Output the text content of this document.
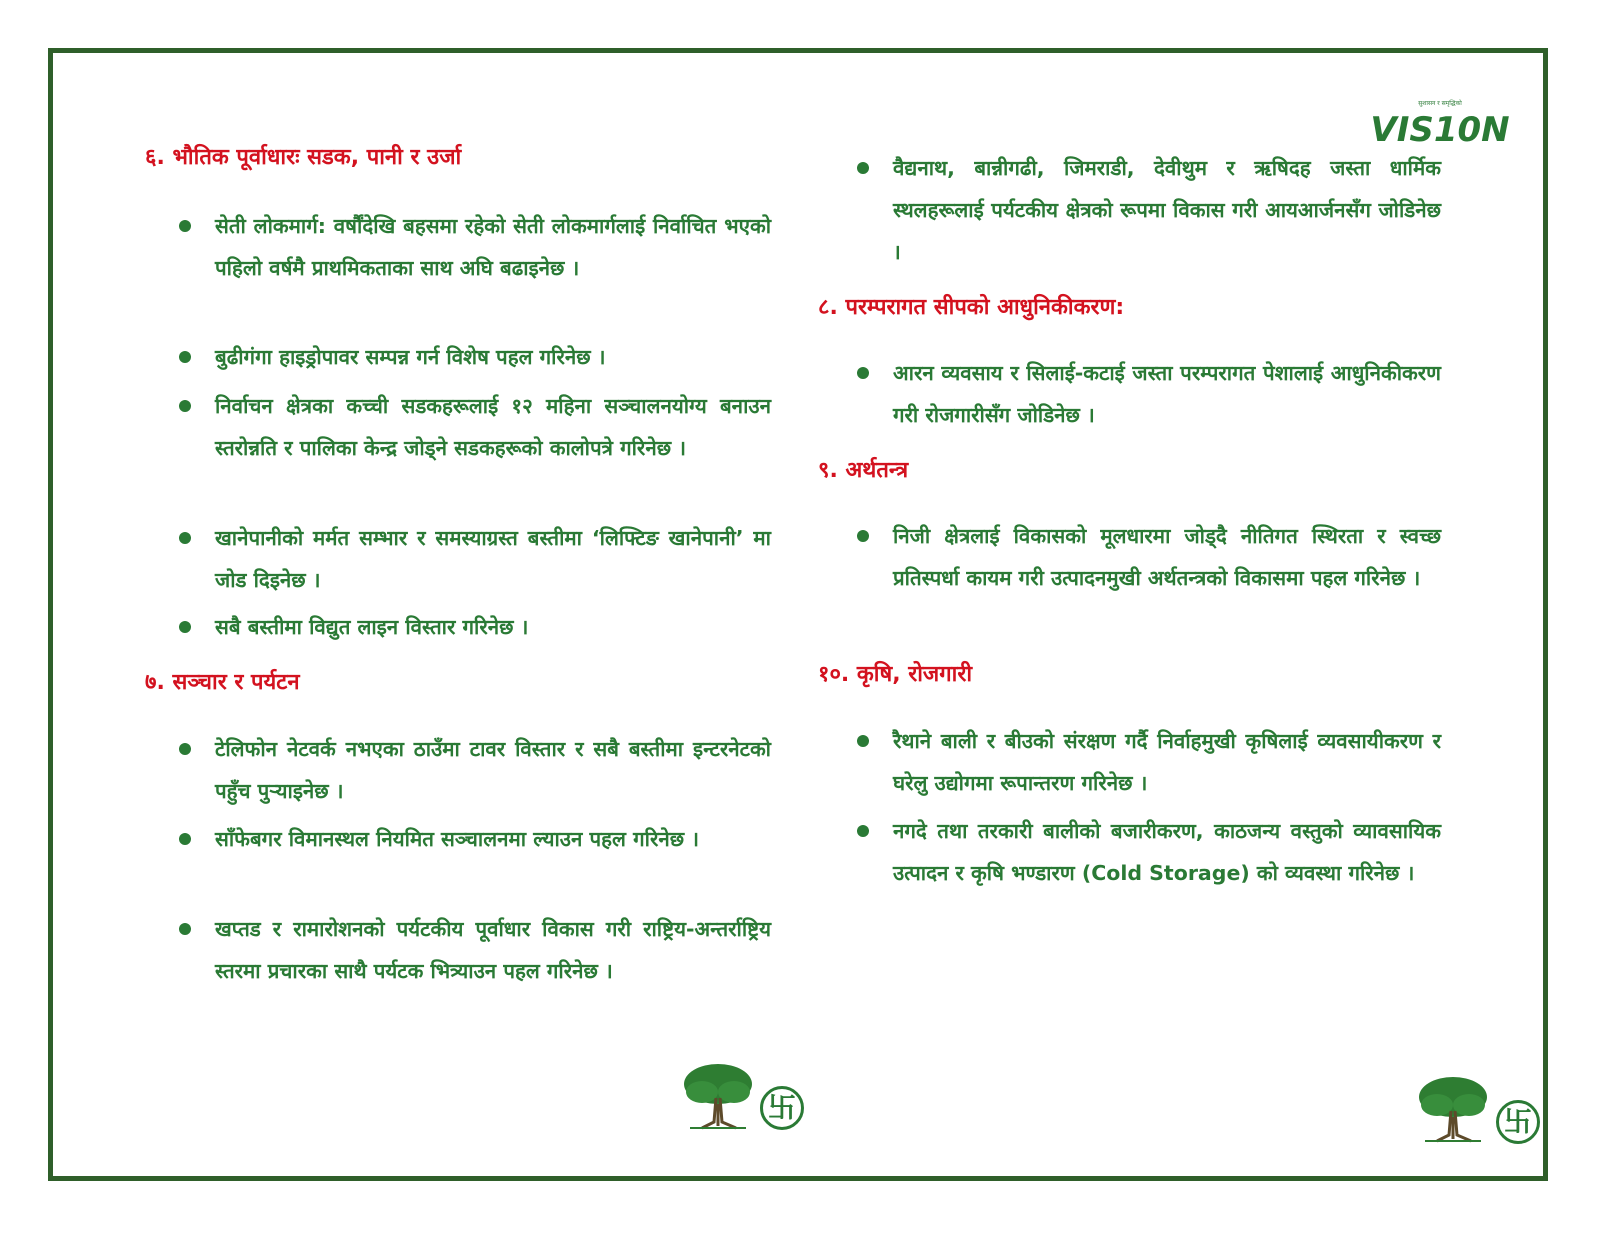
सुशासन र समृद्धिको
VIS10N
६. भौतिक पूर्वाधारः सडक, पानी र उर्जा
सेती लोकमार्ग: वर्षौंदेखि बहसमा रहेको सेती लोकमार्गलाई निर्वाचित भएको पहिलो वर्षमै प्राथमिकताका साथ अघि बढाइनेछ ।
बुढीगंगा हाइड्रोपावर सम्पन्न गर्न विशेष पहल गरिनेछ ।
निर्वाचन क्षेत्रका कच्ची सडकहरूलाई १२ महिना सञ्चालनयोग्य बनाउन स्तरोन्नति र पालिका केन्द्र जोड्ने सडकहरूको कालोपत्रे गरिनेछ ।
खानेपानीको मर्मत सम्भार र समस्याग्रस्त बस्तीमा ‘लिफ्टिङ खानेपानी’ मा जोड दिइनेछ ।
सबै बस्तीमा विद्युत लाइन विस्तार गरिनेछ ।
७. सञ्चार र पर्यटन
टेलिफोन नेटवर्क नभएका ठाउँमा टावर विस्तार र सबै बस्तीमा इन्टरनेटको पहुँच पुर्‍याइनेछ ।
साँफेबगर विमानस्थल नियमित सञ्चालनमा ल्याउन पहल गरिनेछ ।
खप्तड र रामारोशनको पर्यटकीय पूर्वाधार विकास गरी राष्ट्रिय-अन्तर्राष्ट्रिय स्तरमा प्रचारका साथै पर्यटक भित्र्याउन पहल गरिनेछ ।
वैद्यनाथ, बान्नीगढी, जिमराडी, देवीथुम र ऋषिदह जस्ता धार्मिक स्थलहरूलाई पर्यटकीय क्षेत्रको रूपमा विकास गरी आयआर्जनसँग जोडिनेछ ।
८. परम्परागत सीपको आधुनिकीकरण:
आरन व्यवसाय र सिलाई-कटाई जस्ता परम्परागत पेशालाई आधुनिकीकरण गरी रोजगारीसँग जोडिनेछ ।
९. अर्थतन्त्र
निजी क्षेत्रलाई विकासको मूलधारमा जोड्दै नीतिगत स्थिरता र स्वच्छ प्रतिस्पर्धा कायम गरी उत्पादनमुखी अर्थतन्त्रको विकासमा पहल गरिनेछ ।
१०. कृषि, रोजगारी
रैथाने बाली र बीउको संरक्षण गर्दै निर्वाहमुखी कृषिलाई व्यवसायीकरण र घरेलु उद्योगमा रूपान्तरण गरिनेछ ।
नगदे तथा तरकारी बालीको बजारीकरण, काठजन्य वस्तुको व्यावसायिक उत्पादन र कृषि भण्डारण (Cold Storage) को व्यवस्था गरिनेछ ।
卐	卐
